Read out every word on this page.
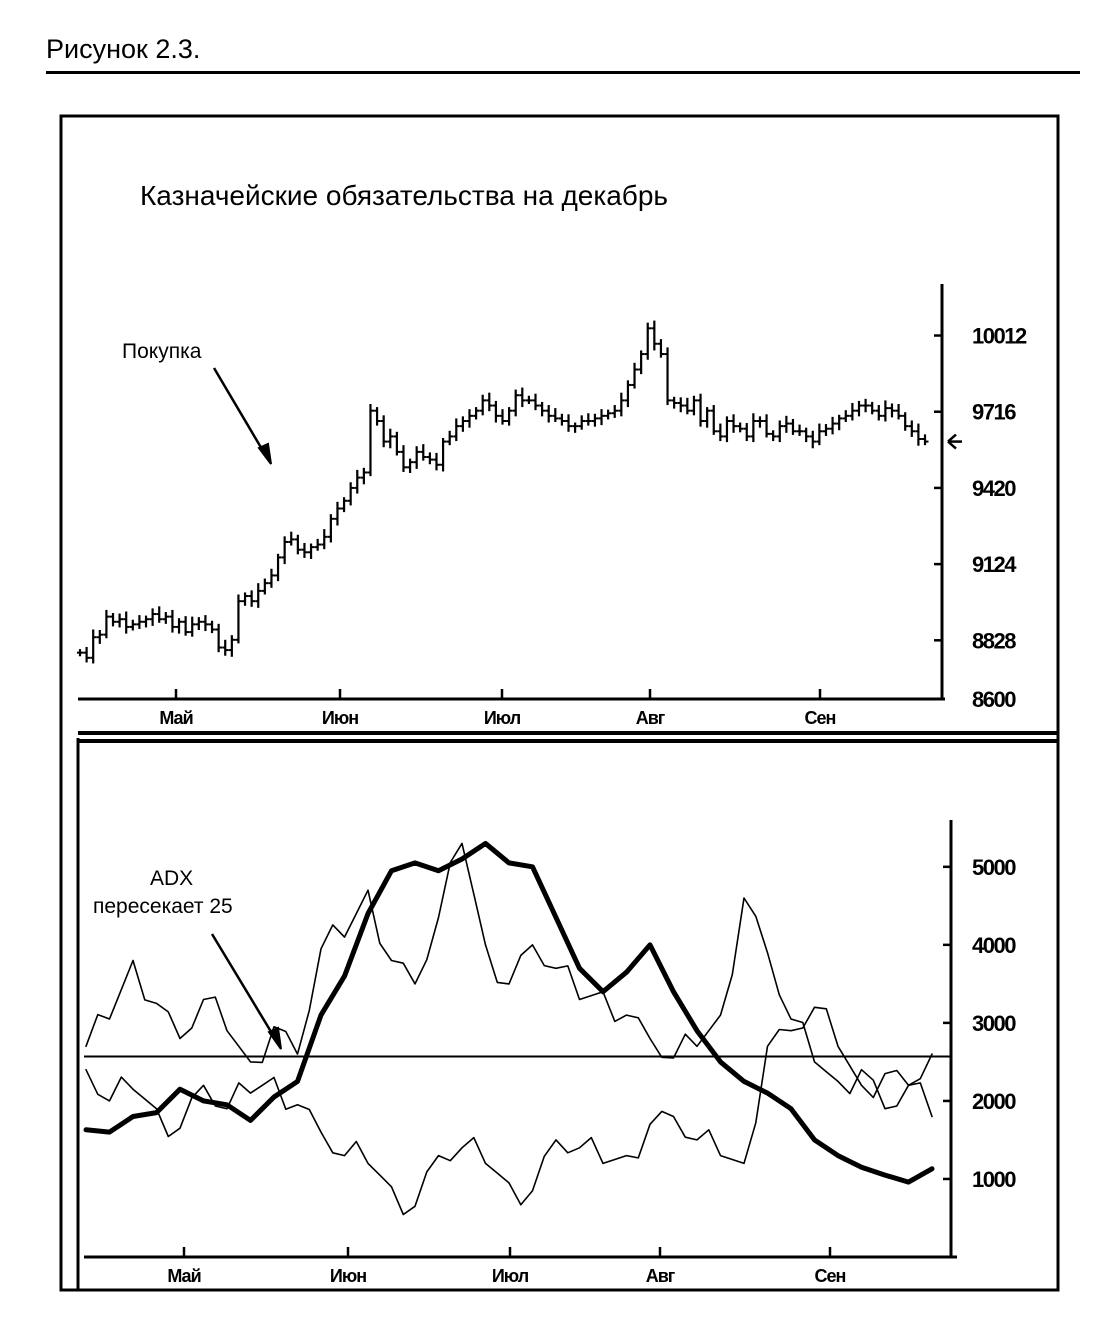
Рисунок 2.3.
Казначейские обязательства на декабрь
Покупка
8600
8828
9124
9420
9716
10012
Май	Июн	Июл	Авг	Сен
ADX пересекает 25
1000
2000
3000
4000
5000
Май	Июн	Июл	Авг	Сен
